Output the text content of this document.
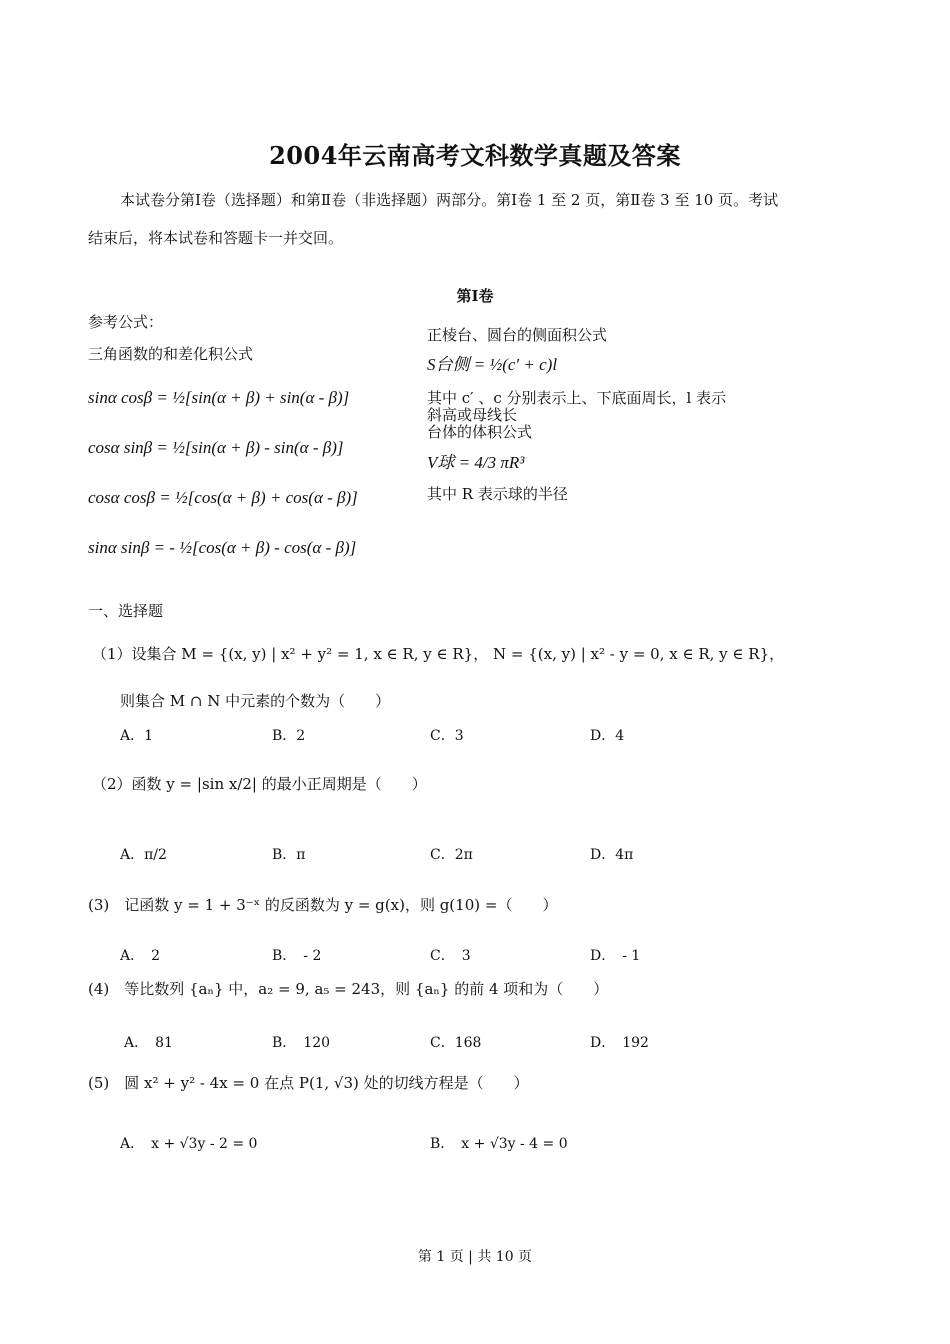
2004年云南高考文科数学真题及答案
本试卷分第Ⅰ卷（选择题）和第Ⅱ卷（非选择题）两部分。第Ⅰ卷 1 至 2 页，第Ⅱ卷 3 至 10 页。考试
结束后，将本试卷和答题卡一并交回。
第Ⅰ卷
参考公式：
三角函数的和差化积公式
sinα cosβ = ½[sin(α + β) + sin(α - β)]
cosα sinβ = ½[sin(α + β) - sin(α - β)]
cosα cosβ = ½[cos(α + β) + cos(α - β)]
sinα sinβ = - ½[cos(α + β) - cos(α - β)]
正棱台、圆台的侧面积公式
S台侧 = ½(c′ + c)l
其中 c′ 、c 分别表示上、下底面周长，l 表示
斜高或母线长
台体的体积公式
V球 = 4/3 πR³
其中 R 表示球的半径
一、选择题
（1）设集合 M = {(x, y) | x² + y² = 1, x ∈ R, y ∈ R}， N = {(x, y) | x² - y = 0, x ∈ R, y ∈ R}，
则集合 M ∩ N 中元素的个数为（　　）
A．1	B．2	C．3	D．4
（2）函数 y = |sin x/2| 的最小正周期是（　　）
A．π/2	B．π	C．2π	D．4π
(3)　记函数 y = 1 + 3⁻ˣ 的反函数为 y = g(x)，则 g(10) =（　　）
A．　2	B．　- 2	C．　3	D．　- 1
(4)　等比数列 {aₙ} 中，a₂ = 9, a₅ = 243，则 {aₙ} 的前 4 项和为（　　）
A．　81	B．　120	C．168	D．　192
(5)　圆 x² + y² - 4x = 0 在点 P(1, √3) 处的切线方程是（　　）
A．　x + √3y - 2 = 0	B．　x + √3y - 4 = 0
第 1 页 | 共 10 页
